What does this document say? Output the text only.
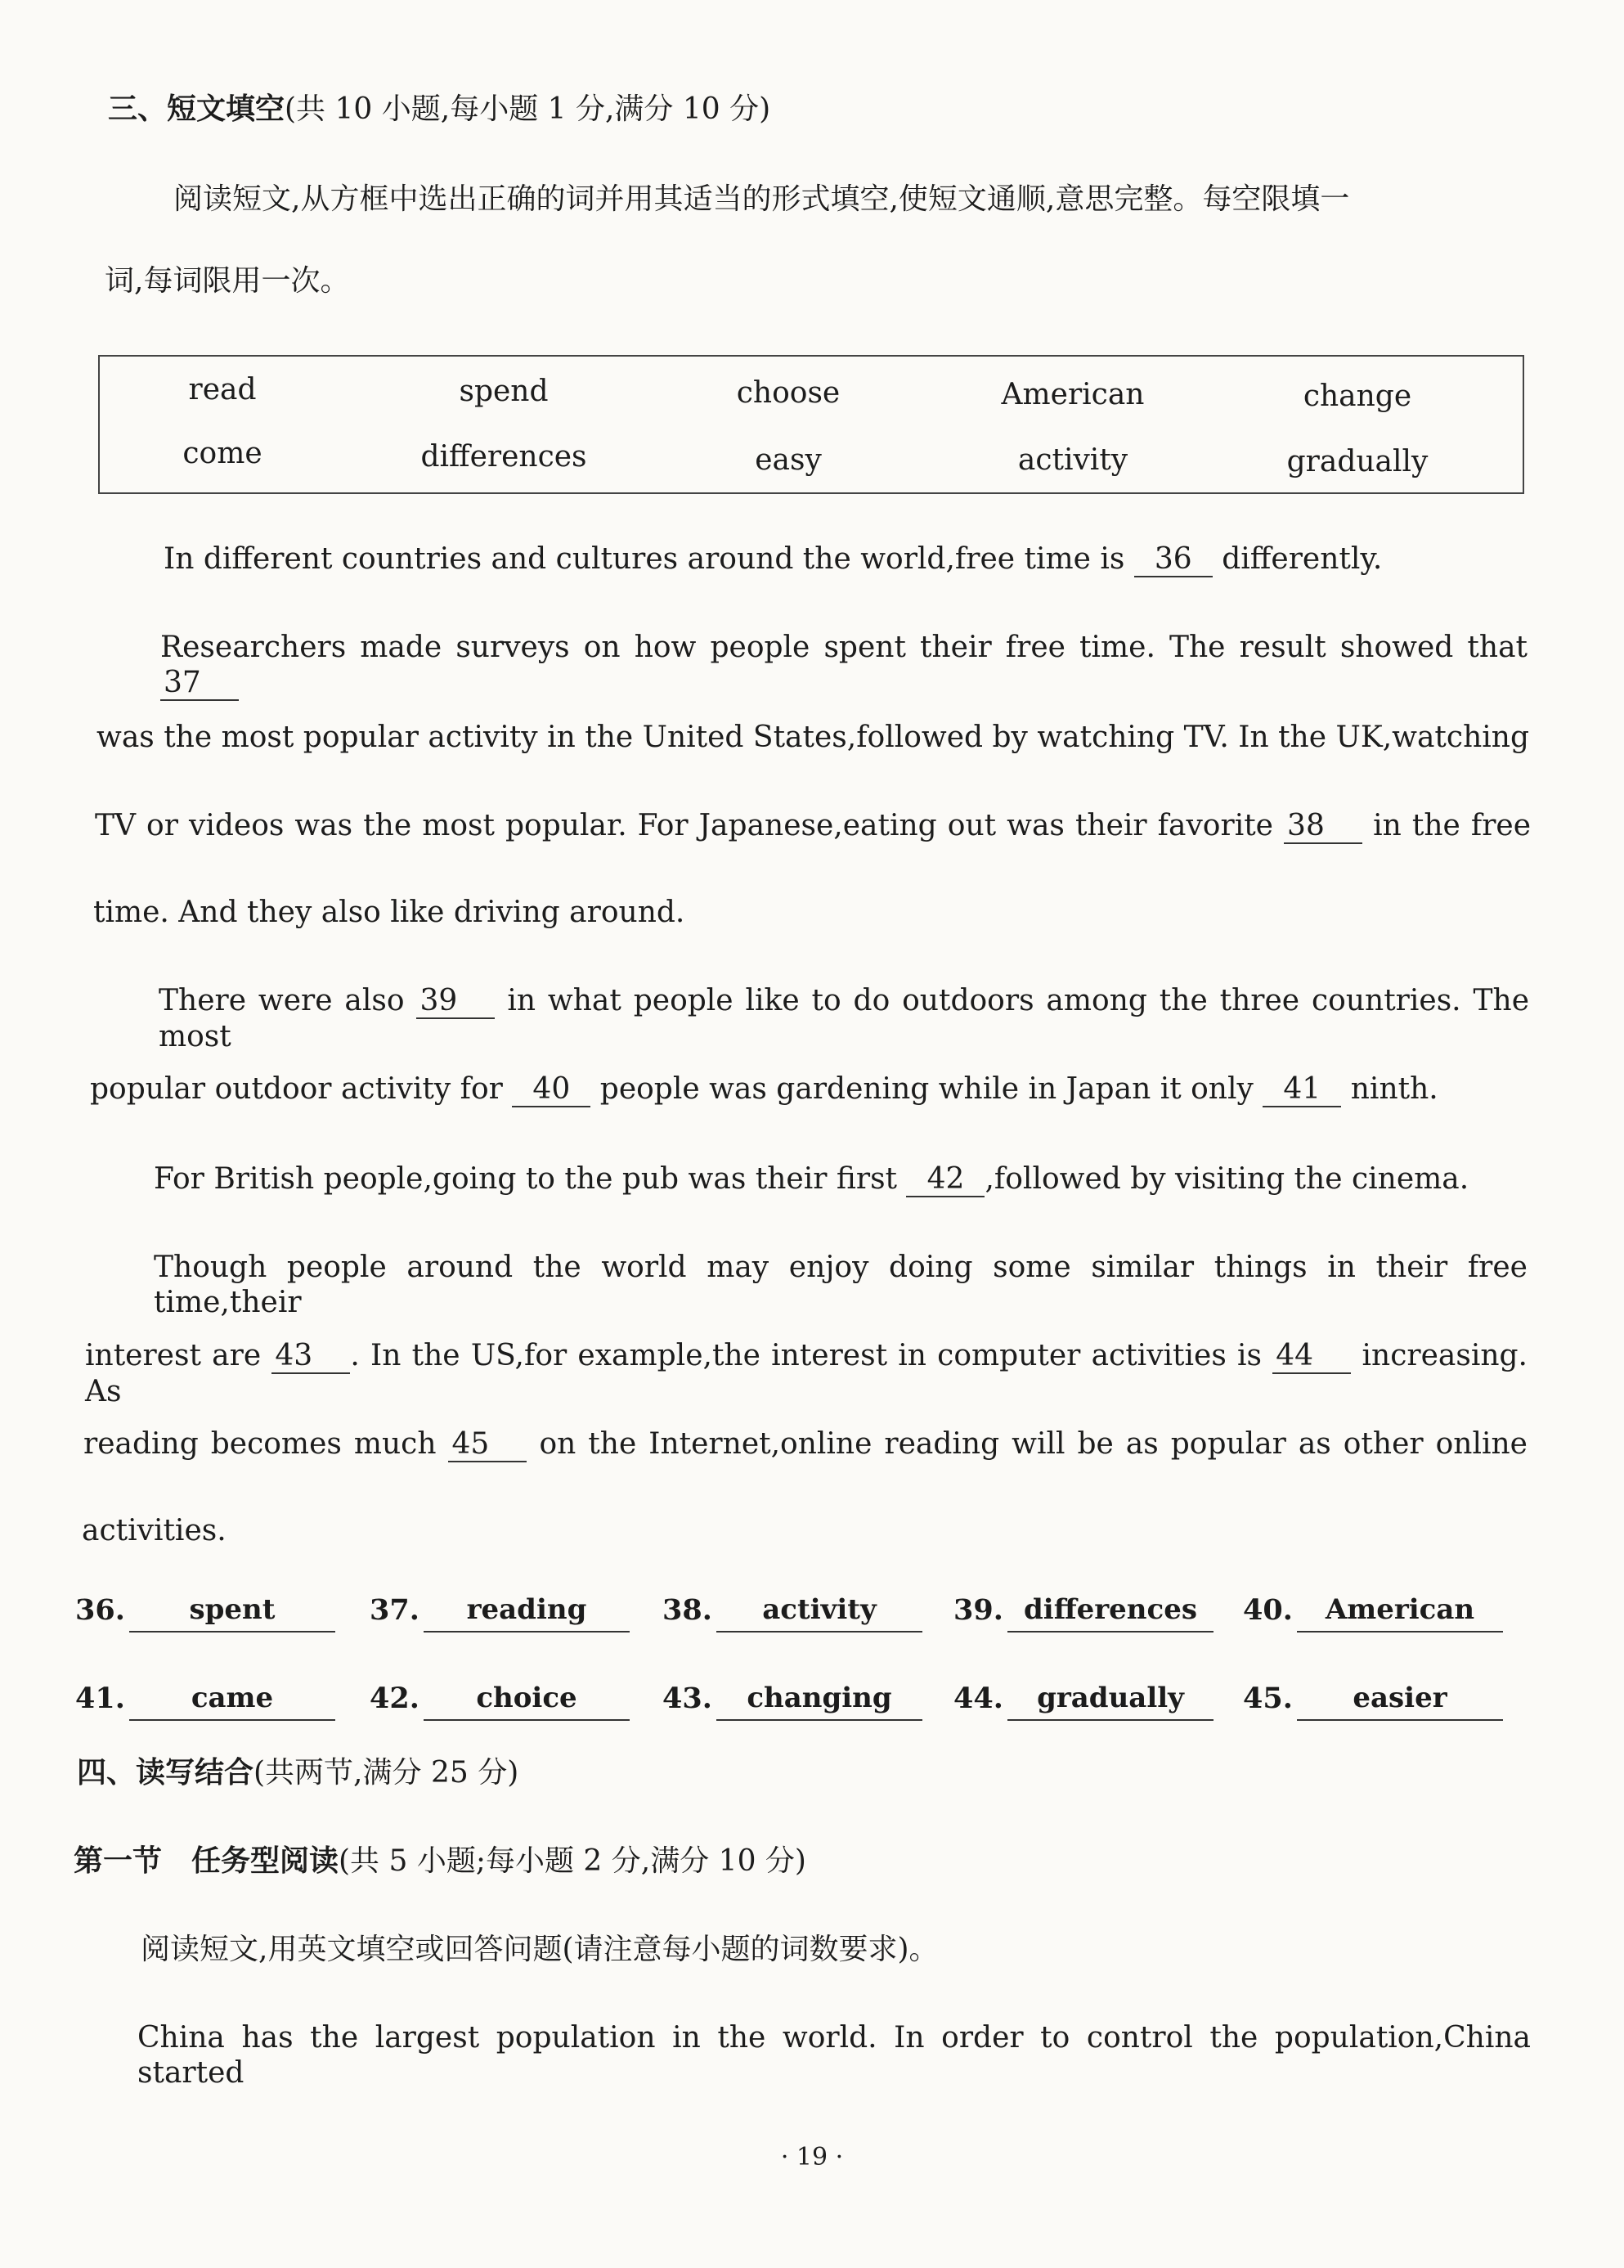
三、短文填空(共 10 小题,每小题 1 分,满分 10 分)
阅读短文,从方框中选出正确的词并用其适当的形式填空,使短文通顺,意思完整。每空限填一
词,每词限用一次。
read	spend	choose	American	change
come	differences	easy	activity	gradually
In different countries and cultures around the world,free time is 36 differently.
Researchers made surveys on how people spent their free time. The result showed that 37
was the most popular activity in the United States,followed by watching TV. In the UK,watching
TV or videos was the most popular. For Japanese,eating out was their favorite 38 in the free
time. And they also like driving around.
There were also 39 in what people like to do outdoors among the three countries. The most
popular outdoor activity for 40 people was gardening while in Japan it only 41 ninth.
For British people,going to the pub was their first 42 ,followed by visiting the cinema.
Though people around the world may enjoy doing some similar things in their free time,their
interest are 43 . In the US,for example,the interest in computer activities is 44 increasing. As
reading becomes much 45 on the Internet,online reading will be as popular as other online
activities.
36.	spent	37.	reading	38.	activity	39. differences	40.	American
41.	came	42.	choice	43.	changing	44.	gradually	45.	easier
四、读写结合(共两节,满分 25 分)
第一节　任务型阅读(共 5 小题;每小题 2 分,满分 10 分)
阅读短文,用英文填空或回答问题(请注意每小题的词数要求)。
China has the largest population in the world. In order to control the population,China started
· 19 ·
